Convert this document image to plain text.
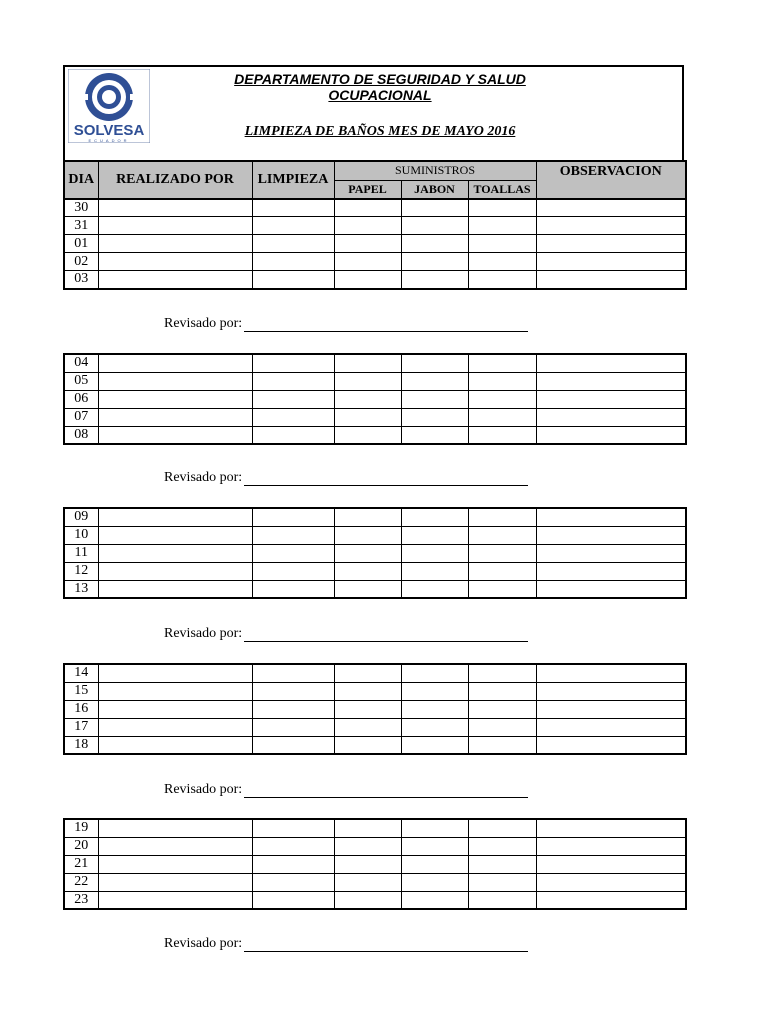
SOLVESA
ECUADOR
DEPARTAMENTO DE SEGURIDAD Y SALUD
OCUPACIONAL
LIMPIEZA DE BAÑOS MES DE MAYO 2016
DIA	REALIZADO POR	LIMPIEZA	SUMINISTROS			OBSERVACION
			PAPEL	JABON	TOALLAS	
30						
31						
01						
02						
03						
Revisado por:
04						
05						
06						
07						
08						
Revisado por:
09						
10						
11						
12						
13						
Revisado por:
14						
15						
16						
17						
18						
Revisado por:
19						
20						
21						
22						
23						
Revisado por:
